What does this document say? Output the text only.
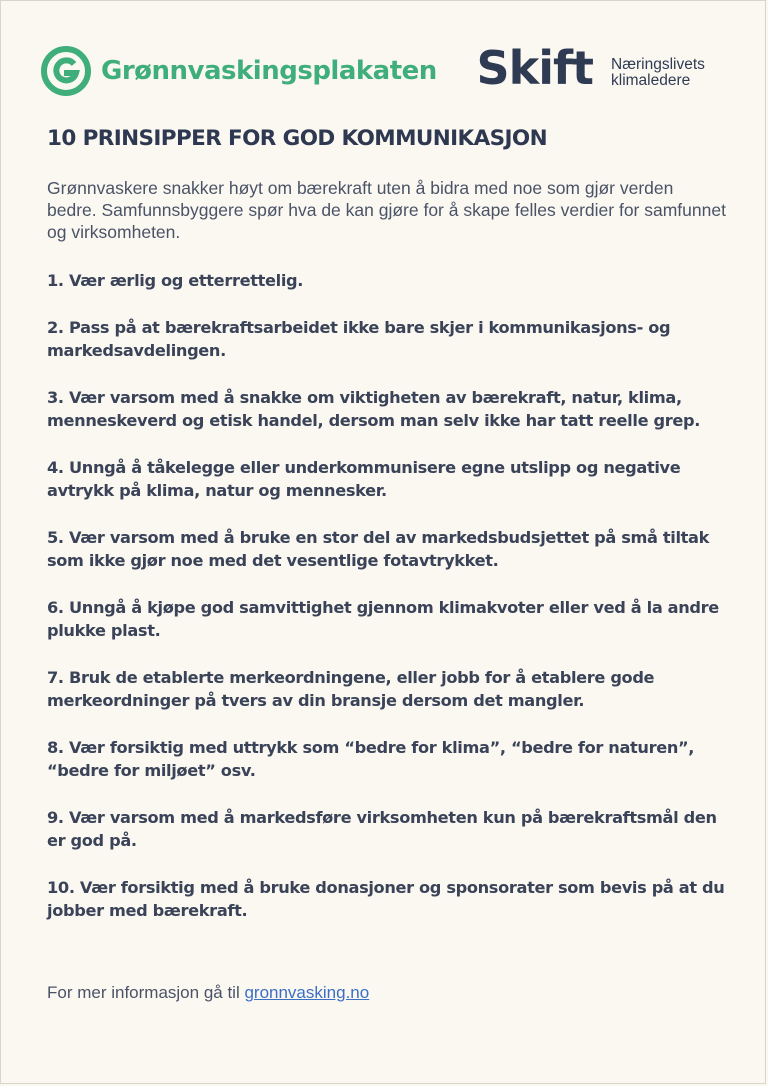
Grønnvaskingsplakaten Skift Næringslivets klimaledere
10 PRINSIPPER FOR GOD KOMMUNIKASJON

Grønnvaskere snakker høyt om bærekraft uten å bidra med noe som gjør verden bedre. Samfunnsbyggere spør hva de kan gjøre for å skape felles verdier for samfunnet og virksomheten.

1. Vær ærlig og etterrettelig.
2. Pass på at bærekraftsarbeidet ikke bare skjer i kommunikasjons- og markedsavdelingen.
3. Vær varsom med å snakke om viktigheten av bærekraft, natur, klima, menneskeverd og etisk handel, dersom man selv ikke har tatt reelle grep.
4. Unngå å tåkelegge eller underkommunisere egne utslipp og negative avtrykk på klima, natur og mennesker.
5. Vær varsom med å bruke en stor del av markedsbudsjettet på små tiltak som ikke gjør noe med det vesentlige fotavtrykket.
6. Unngå å kjøpe god samvittighet gjennom klimakvoter eller ved å la andre plukke plast.
7. Bruk de etablerte merkeordningene, eller jobb for å etablere gode merkeordninger på tvers av din bransje dersom det mangler.
8. Vær forsiktig med uttrykk som “bedre for klima”, “bedre for naturen”, “bedre for miljøet” osv.
9. Vær varsom med å markedsføre virksomheten kun på bærekraftsmål den er god på.
10. Vær forsiktig med å bruke donasjoner og sponsorater som bevis på at du jobber med bærekraft.
For mer informasjon gå til gronnvasking.no
